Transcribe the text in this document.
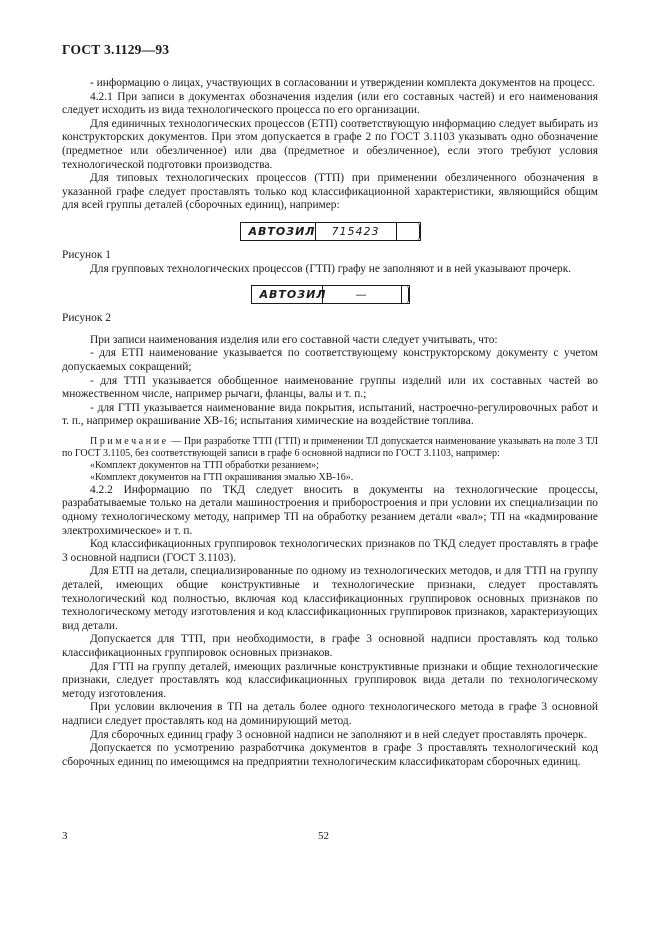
ГОСТ 3.1129—93

- информацию о лицах, участвующих в согласовании и утверждении комплекта документов на процесс.

4.2.1 При записи в документах обозначения изделия (или его составных частей) и его наименования следует исходить из вида технологического процесса по его организации.

Для единичных технологических процессов (ЕТП) соответствующую информацию следует выбирать из конструкторских документов. При этом допускается в графе 2 по ГОСТ 3.1103 указывать одно обозначение (предметное или обезличенное) или два (предметное и обезличенное), если этого требуют условия технологической подготовки производства.

Для типовых технологических процессов (ТТП) при применении обезличенного обозначения в указанной графе следует проставлять только код классификационной характеристики, являющийся общим для всей группы деталей (сборочных единиц), например:

АВТОЗИЛ	715423

Рисунок 1

Для групповых технологических процессов (ГТП) графу не заполняют и в ней указывают прочерк.

АВТОЗИЛ	—

Рисунок 2

При записи наименования изделия или его составной части следует учитывать, что:

- для ЕТП наименование указывается по соответствующему конструкторскому документу с учетом допускаемых сокращений;

- для ТТП указывается обобщенное наименование группы изделий или их составных частей во множественном числе, например рычаги, фланцы, валы и т. п.;

- для ГТП указывается наименование вида покрытия, испытаний, настроечно-регулировочных работ и т. п., например окрашивание ХВ-16; испытания химические на воздействие топлива.

Примечание — При разработке ТТП (ГТП) и применении ТЛ допускается наименование указывать на поле 3 ТЛ по ГОСТ 3.1105, без соответствующей записи в графе 6 основной надписи по ГОСТ 3.1103, например:

«Комплект документов на ТТП обработки резанием»;

«Комплект документов на ГТП окрашивания эмалью ХВ-16».

4.2.2 Информацию по ТКД следует вносить в документы на технологические процессы, разрабатываемые только на детали машиностроения и приборостроения и при условии их специализации по одному технологическому методу, например ТП на обработку резанием детали «вал»; ТП на «кадмирование электрохимическое» и т. п.

Код классификационных группировок технологических признаков по ТКД следует проставлять в графе 3 основной надписи (ГОСТ 3.1103).

Для ЕТП на детали, специализированные по одному из технологических методов, и для ТТП на группу деталей, имеющих общие конструктивные и технологические признаки, следует проставлять технологический код полностью, включая код классификационных группировок основных признаков по технологическому методу изготовления и код классификационных группировок признаков, характеризующих вид детали.

Допускается для ТТП, при необходимости, в графе 3 основной надписи проставлять код только классификационных группировок основных признаков.

Для ГТП на группу деталей, имеющих различные конструктивные признаки и общие технологические признаки, следует проставлять код классификационных группировок вида детали по технологическому методу изготовления.

При условии включения в ТП на деталь более одного технологического метода в графе 3 основной надписи следует проставлять код на доминирующий метод.

Для сборочных единиц графу 3 основной надписи не заполняют и в ней следует проставлять прочерк.

Допускается по усмотрению разработчика документов в графе 3 проставлять технологический код сборочных единиц по имеющимся на предприятии технологическим классификаторам сборочных единиц.

3	52
